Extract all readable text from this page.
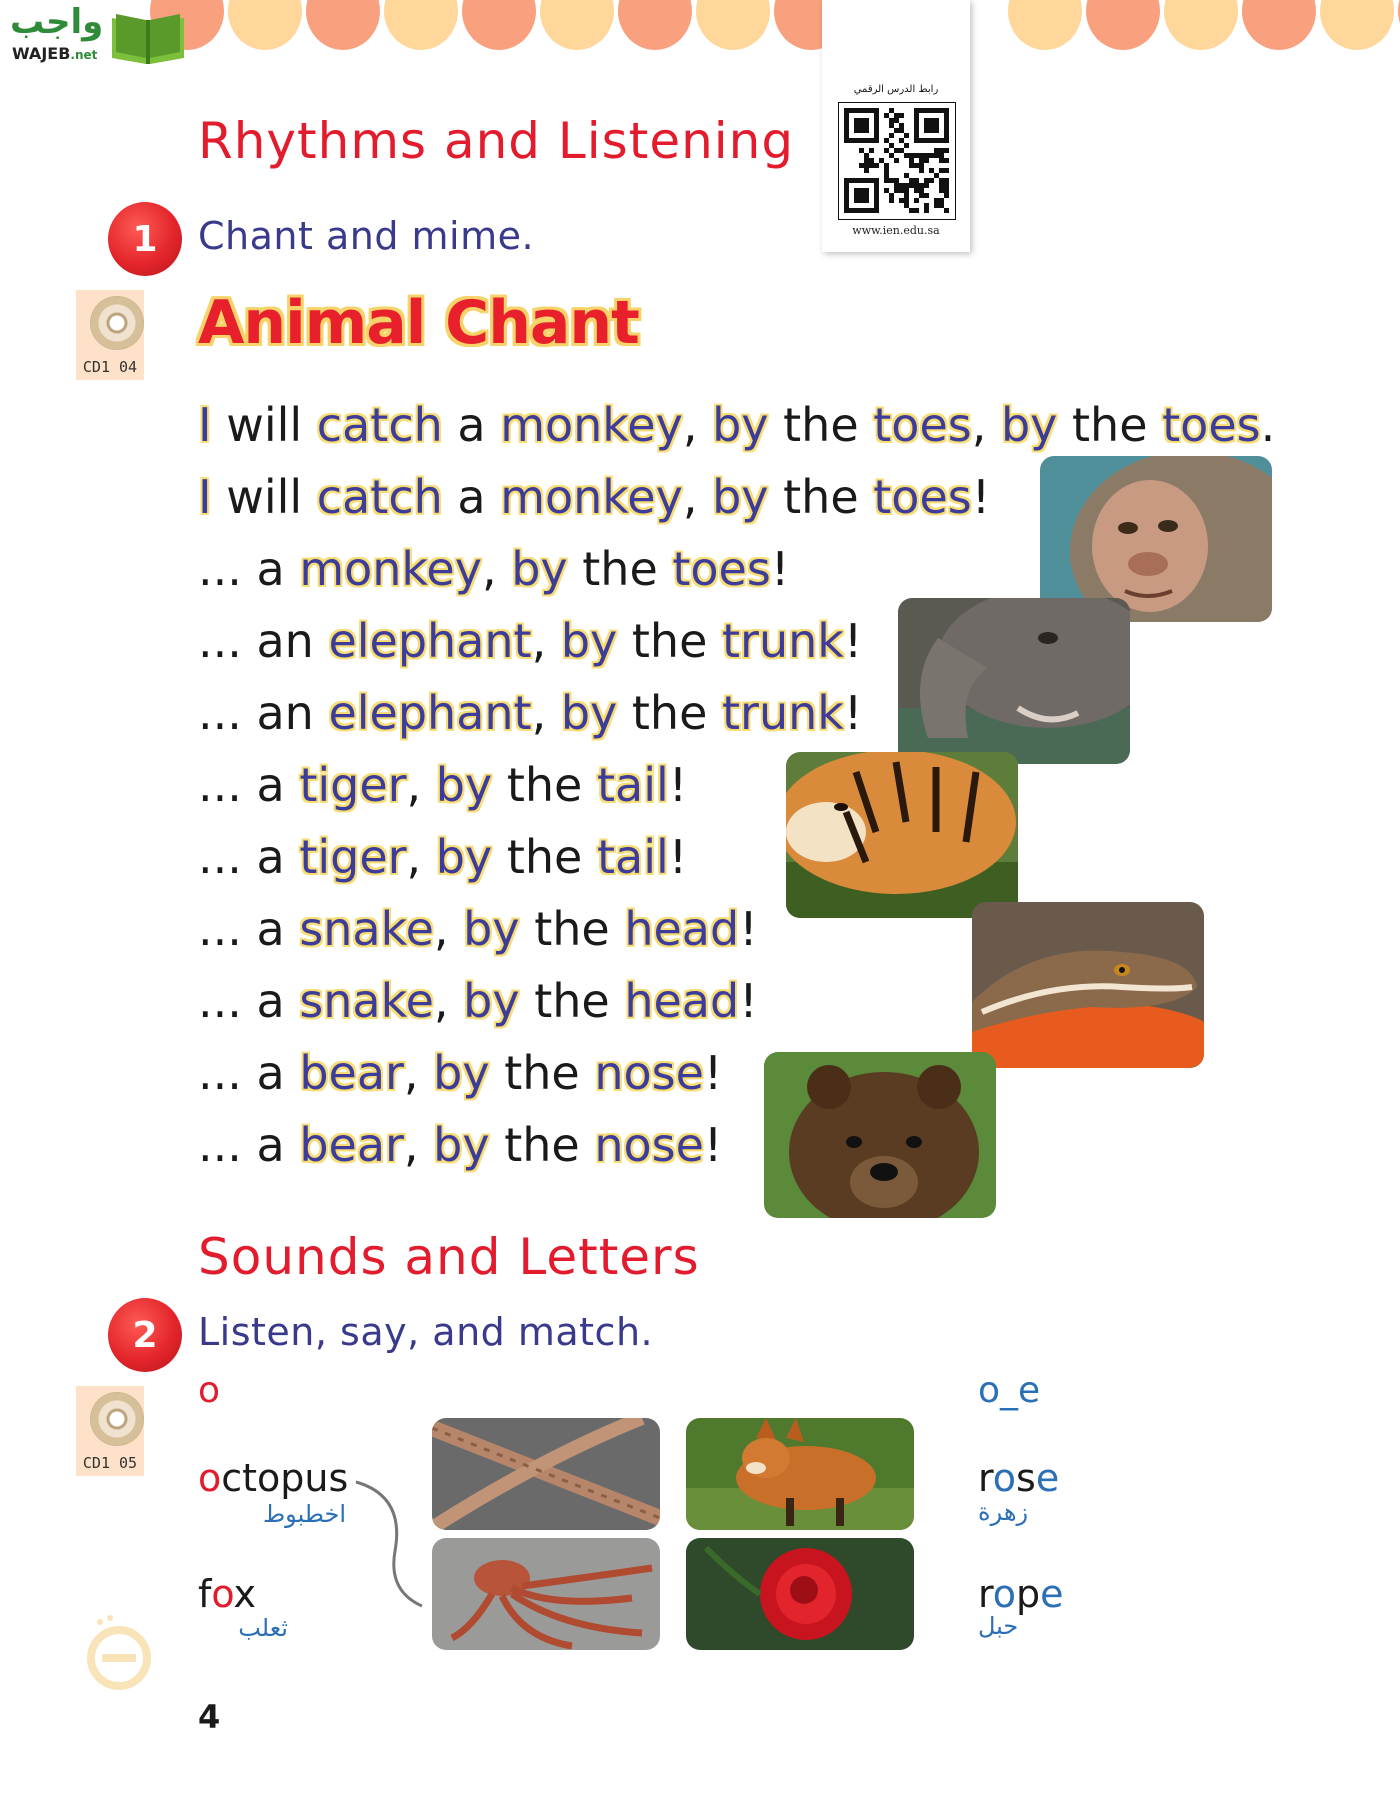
واجب
WAJEB.net
رابط الدرس الرقمي
www.ien.edu.sa
Rhythms and Listening
1	Chant and mime.
CD1 04
Animal Chant
I will catch a monkey, by the toes, by the toes.
I will catch a monkey, by the toes!
... a monkey, by the toes!
... an elephant, by the trunk!
... an elephant, by the trunk!
... a tiger, by the tail!
... a tiger, by the tail!
... a snake, by the head!
... a snake, by the head!
... a bear, by the nose!
... a bear, by the nose!
Sounds and Letters
2	Listen, say, and match.
CD1 05
o	o_e
octopus
اخطبوط
fox
ثعلب
rose
زهرة
rope
حبل
4
